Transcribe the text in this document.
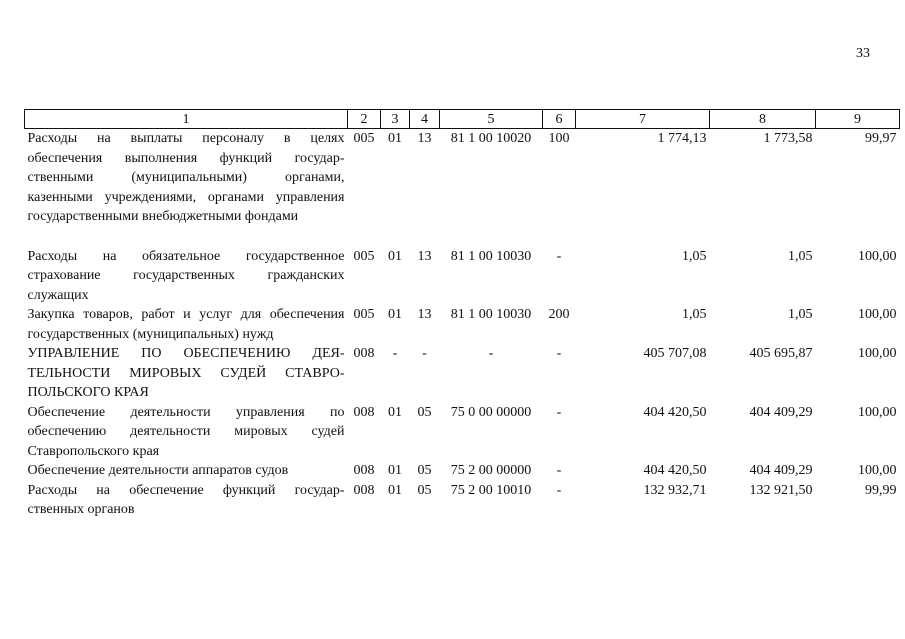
33
1	2	3	4	5	6	7	8	9

Расходы на выплаты персоналу в целях
обеспечения выполнения функций государ-
ственными (муниципальными) органами,
казенными учреждениями, органами управления
государственными внебюджетными фондами	005	01	13	81 1 00 10020	100	1 774,13	1 773,58	99,97

Расходы на обязательное государственное
страхование государственных гражданских
служащих	005	01	13	81 1 00 10030	-	1,05	1,05	100,00

Закупка товаров, работ и услуг для обеспечения
государственных (муниципальных) нужд	005	01	13	81 1 00 10030	200	1,05	1,05	100,00

УПРАВЛЕНИЕ ПО ОБЕСПЕЧЕНИЮ ДЕЯ-
ТЕЛЬНОСТИ МИРОВЫХ СУДЕЙ СТАВРО-
ПОЛЬСКОГО КРАЯ	008	-	-	-	-	405 707,08	405 695,87	100,00

Обеспечение деятельности управления по
обеспечению деятельности мировых судей
Ставропольского края	008	01	05	75 0 00 00000	-	404 420,50	404 409,29	100,00

Обеспечение деятельности аппаратов судов	008	01	05	75 2 00 00000	-	404 420,50	404 409,29	100,00

Расходы на обеспечение функций государ-
ственных органов	008	01	05	75 2 00 10010	-	132 932,71	132 921,50	99,99
